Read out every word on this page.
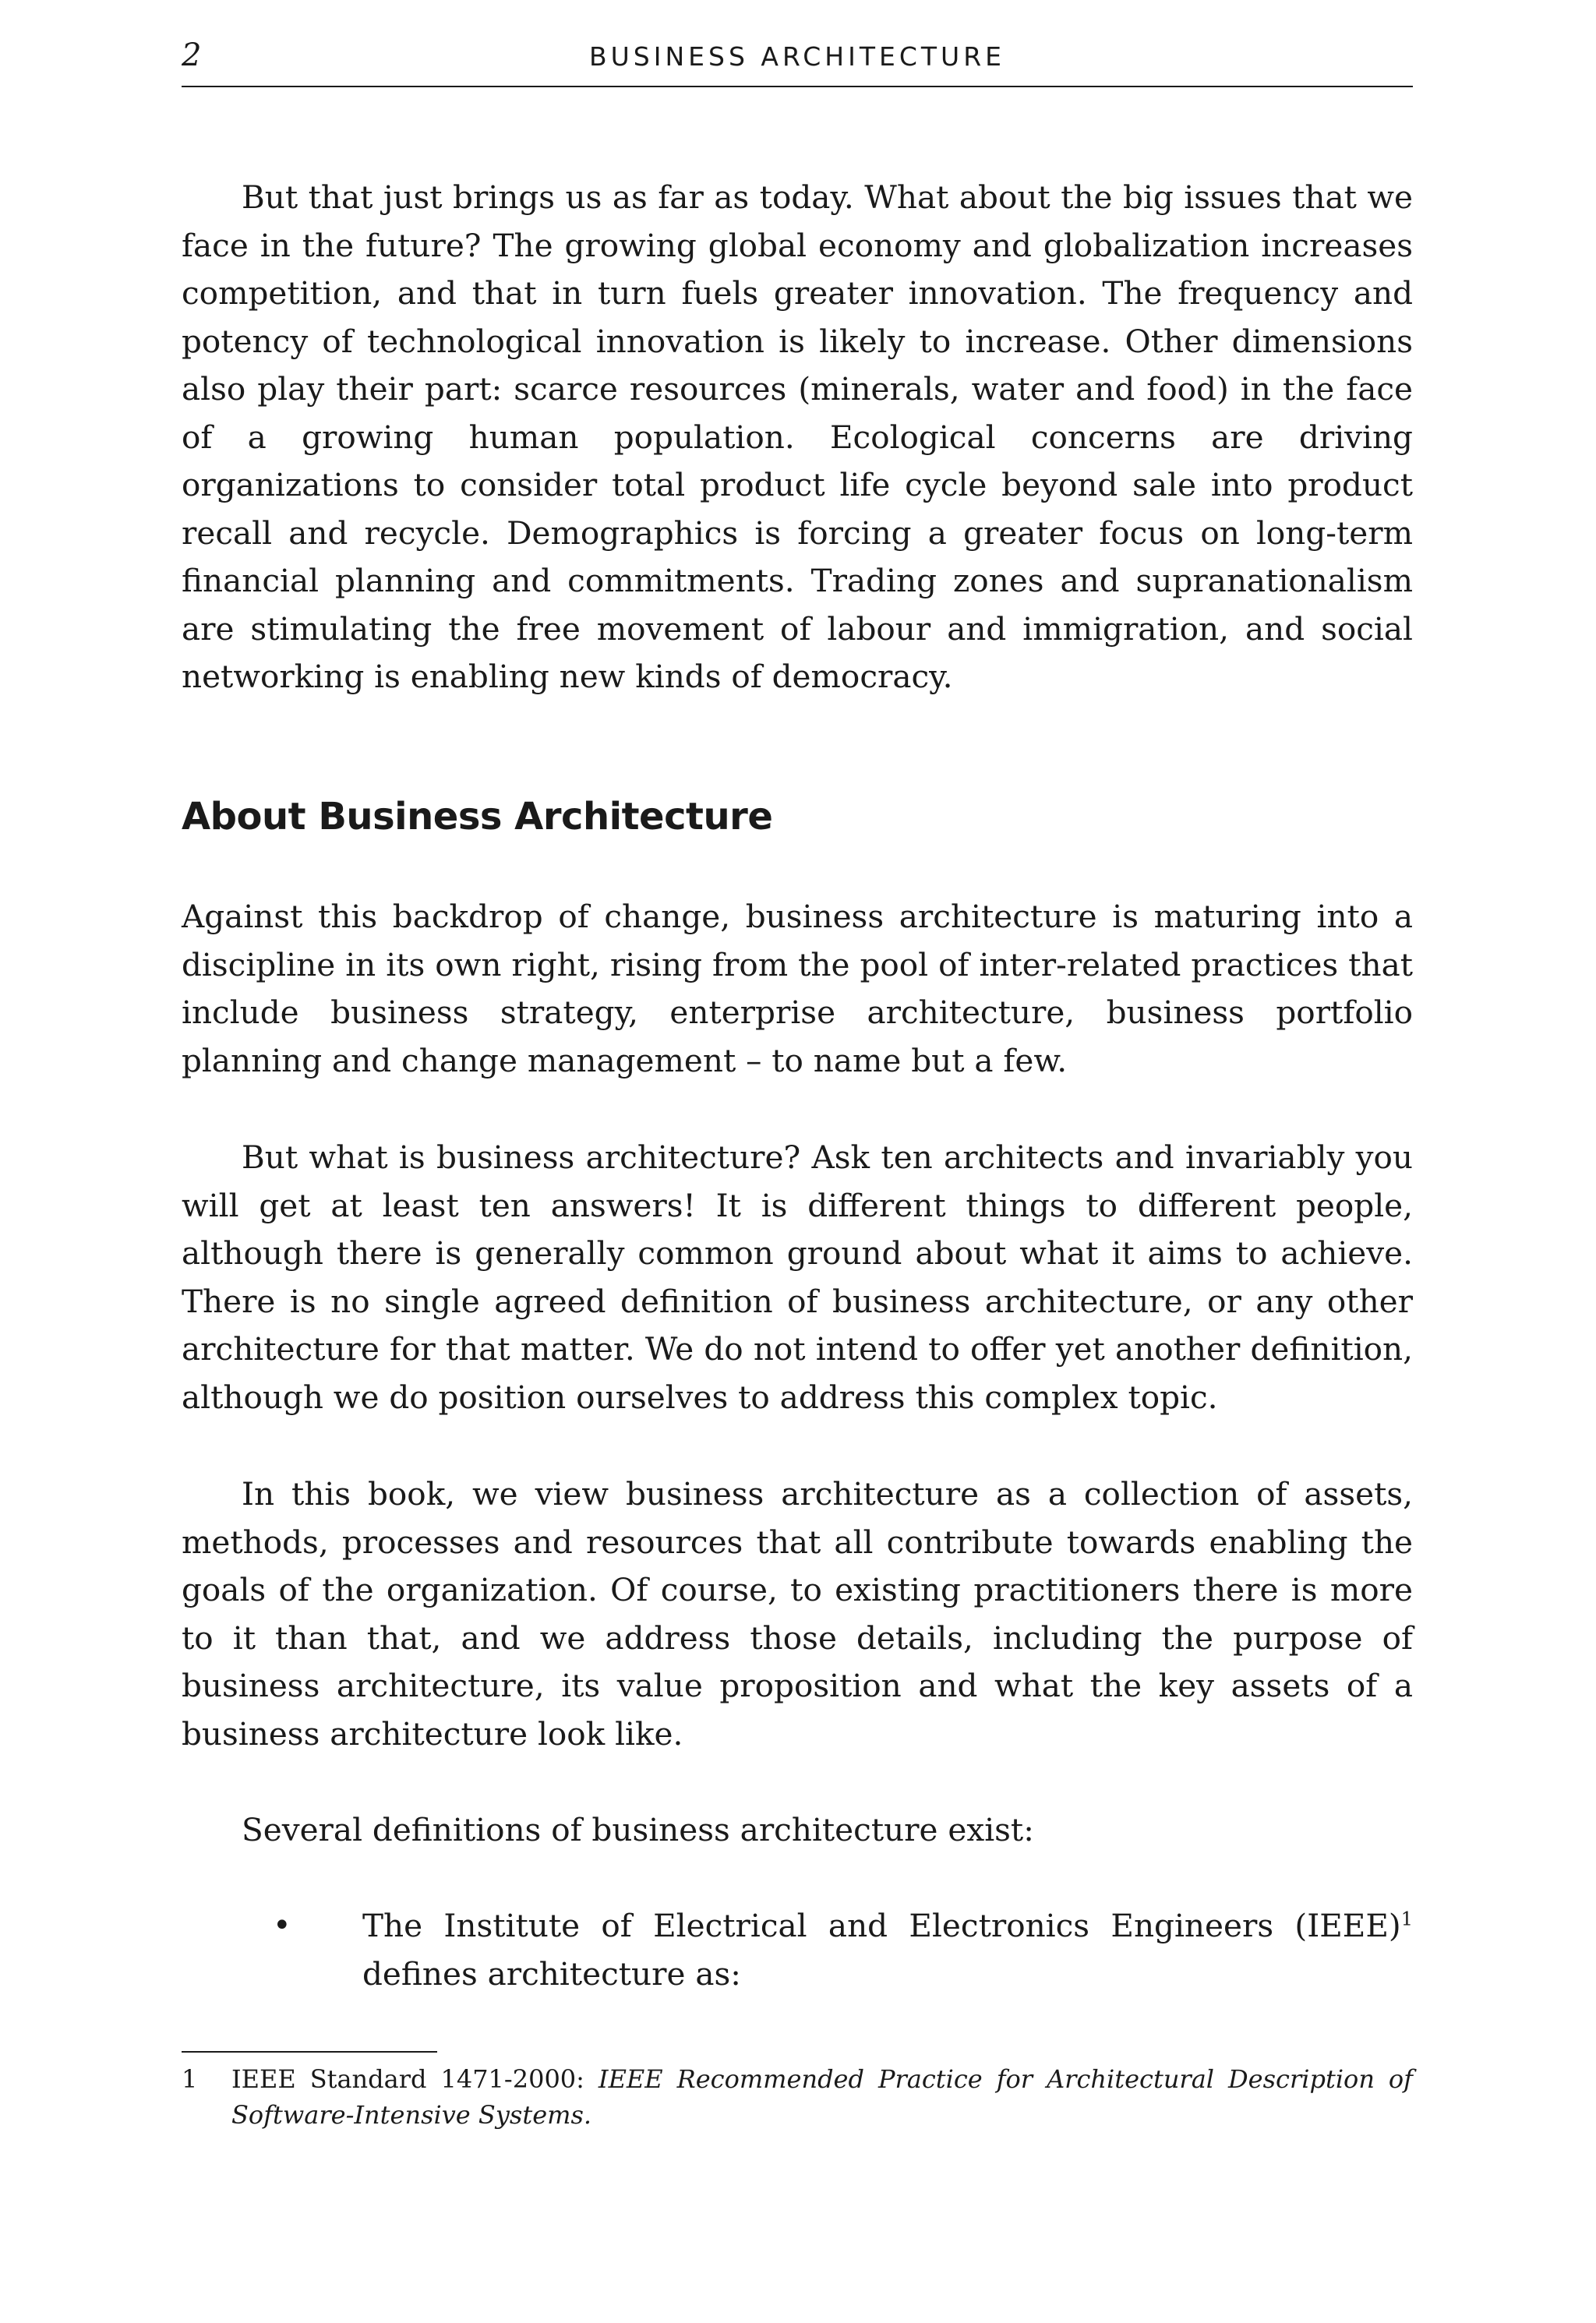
2	BUSINESS ARCHITECTURE

But that just brings us as far as today. What about the big issues that we face in the future? The growing global economy and globalization increases competition, and that in turn fuels greater innovation. The frequency and potency of technological innovation is likely to increase. Other dimensions also play their part: scarce resources (minerals, water and food) in the face of a growing human population. Ecological concerns are driving organizations to consider total product life cycle beyond sale into product recall and recycle. Demographics is forcing a greater focus on long-term financial planning and commitments. Trading zones and supranationalism are stimulating the free movement of labour and immigration, and social networking is enabling new kinds of democracy.

About Business Architecture

Against this backdrop of change, business architecture is maturing into a discipline in its own right, rising from the pool of inter-related practices that include business strategy, enterprise architecture, business portfolio planning and change management – to name but a few.

But what is business architecture? Ask ten architects and invariably you will get at least ten answers! It is different things to different people, although there is generally common ground about what it aims to achieve. There is no single agreed definition of business architecture, or any other architecture for that matter. We do not intend to offer yet another definition, although we do position ourselves to address this complex topic.

In this book, we view business architecture as a collection of assets, methods, processes and resources that all contribute towards enabling the goals of the organization. Of course, to existing practitioners there is more to it than that, and we address those details, including the purpose of business architecture, its value proposition and what the key assets of a business architecture look like.

Several definitions of business architecture exist:

• The Institute of Electrical and Electronics Engineers (IEEE)$^1$ defines architecture as:

1 IEEE Standard 1471-2000: IEEE Recommended Practice for Architectural Description of Software-Intensive Systems.
